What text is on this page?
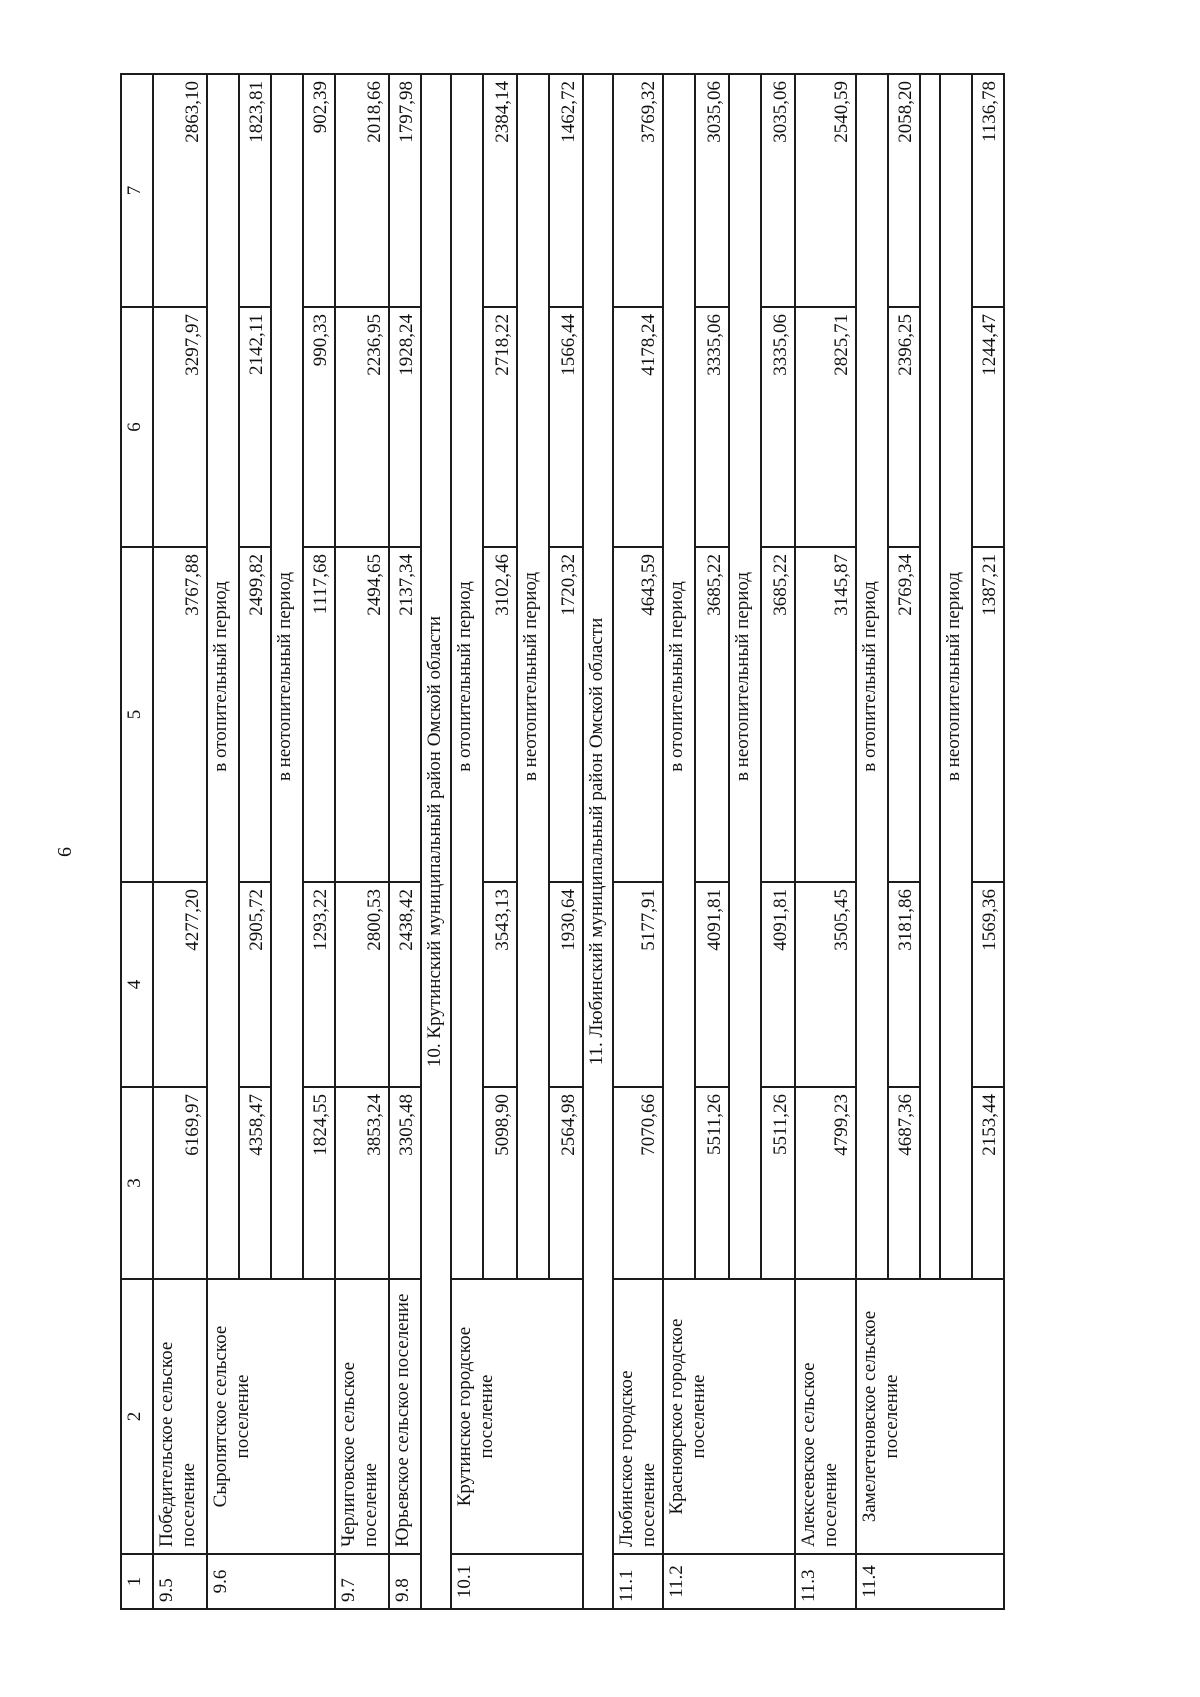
6
1	2	3	4	5	6	7
9.5	Победительское сельское поселение	6169,97	4277,20	3767,88	3297,97	2863,10
9.6	Сыропятское сельское поселение	в отопительный период				
		4358,47	2905,72	2499,82	2142,11	1823,81
		в неотопительный период				
		1824,55	1293,22	1117,68	990,33	902,39
9.7	Черлиговское сельское поселение	3853,24	2800,53	2494,65	2236,95	2018,66
9.8	Юрьевское сельское поселение	3305,48	2438,42	2137,34	1928,24	1797,98
10. Крутинский муниципальный район Омской области						
10.1	Крутинское городское поселение	в отопительный период				
		5098,90	3543,13	3102,46	2718,22	2384,14
		в неотопительный период				
		2564,98	1930,64	1720,32	1566,44	1462,72
11. Любинский муниципальный район Омской области						
11.1	Любинское городское поселение	7070,66	5177,91	4643,59	4178,24	3769,32
11.2	Красноярское городское поселение	в отопительный период				
		5511,26	4091,81	3685,22	3335,06	3035,06
		в неотопительный период				
		5511,26	4091,81	3685,22	3335,06	3035,06
11.3	Алексеевское сельское поселение	4799,23	3505,45	3145,87	2825,71	2540,59
11.4	Замелетеновское сельское поселение	в отопительный период				
		4687,36	3181,86	2769,34	2396,25	2058,20

		в неотопительный период				
		2153,44	1569,36	1387,21	1244,47	1136,78
